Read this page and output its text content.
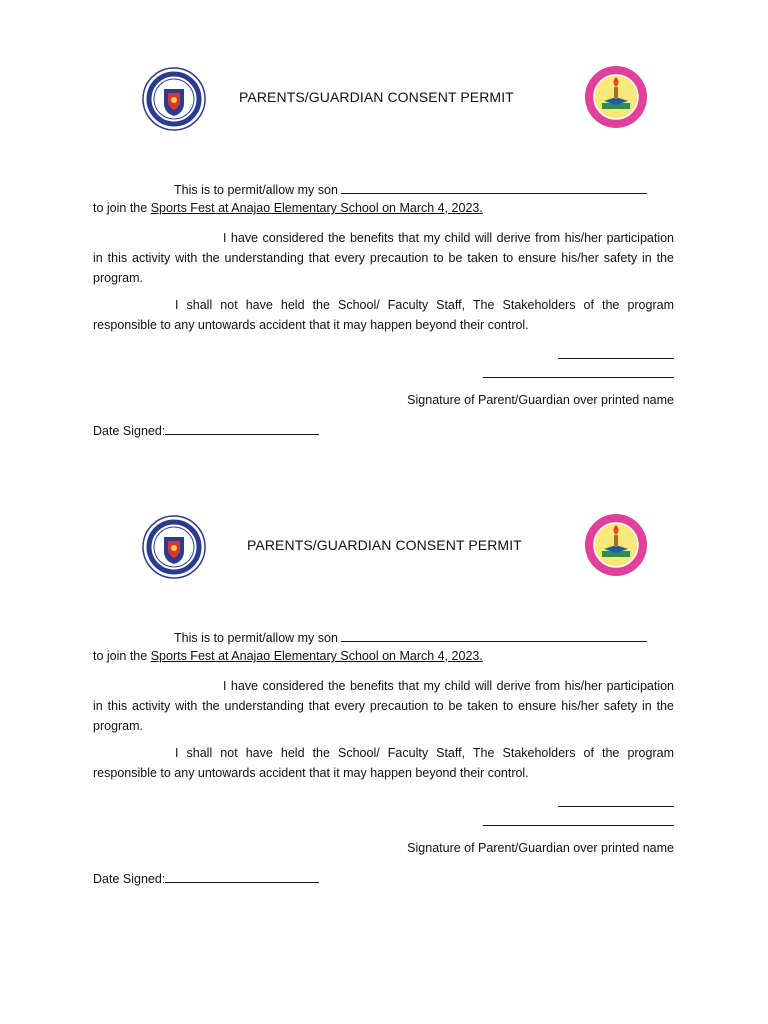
PARENTS/GUARDIAN CONSENT PERMIT
This is to permit/allow my son
to join the Sports Fest at Anajao Elementary School on March 4, 2023.
I have considered the benefits that my child will derive from his/her participation in this activity with the understanding that every precaution to be taken to ensure his/her safety in the program.
I shall not have held the School/ Faculty Staff, The Stakeholders of the program responsible to any untowards accident that it may happen beyond their control.
Signature of Parent/Guardian over printed name
Date Signed:
PARENTS/GUARDIAN CONSENT PERMIT
This is to permit/allow my son
to join the Sports Fest at Anajao Elementary School on March 4, 2023.
I have considered the benefits that my child will derive from his/her participation in this activity with the understanding that every precaution to be taken to ensure his/her safety in the program.
I shall not have held the School/ Faculty Staff, The Stakeholders of the program responsible to any untowards accident that it may happen beyond their control.
Signature of Parent/Guardian over printed name
Date Signed:
